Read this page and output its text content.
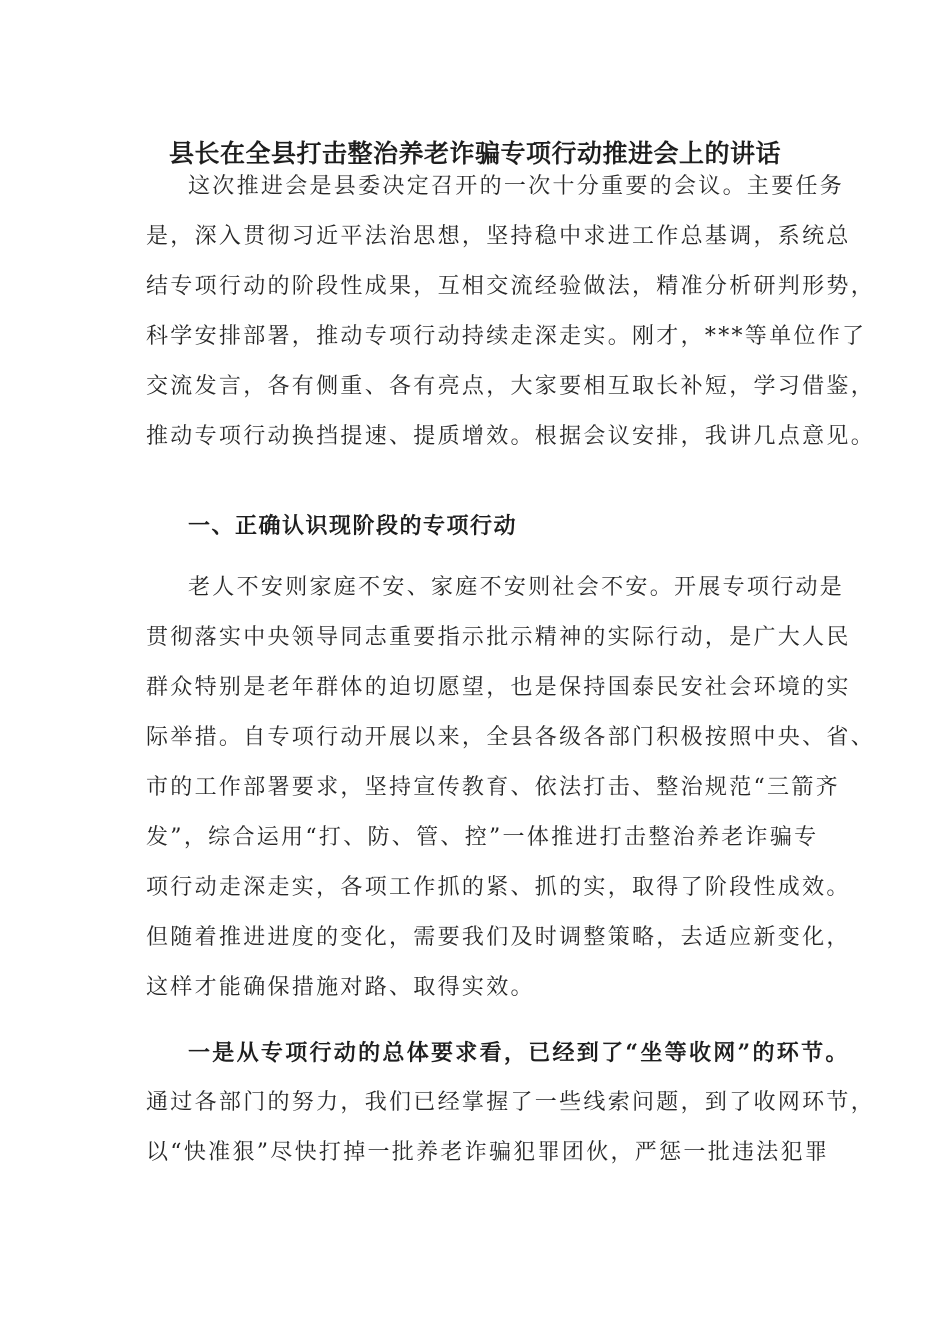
县长在全县打击整治养老诈骗专项行动推进会上的讲话
这次推进会是县委决定召开的一次十分重要的会议。主要任务
是，深入贯彻习近平法治思想，坚持稳中求进工作总基调，系统总
结专项行动的阶段性成果，互相交流经验做法，精准分析研判形势，
科学安排部署，推动专项行动持续走深走实。刚才，***等单位作了
交流发言，各有侧重、各有亮点，大家要相互取长补短，学习借鉴，
推动专项行动换挡提速、提质增效。根据会议安排，我讲几点意见。
一、正确认识现阶段的专项行动
老人不安则家庭不安、家庭不安则社会不安。开展专项行动是
贯彻落实中央领导同志重要指示批示精神的实际行动，是广大人民
群众特别是老年群体的迫切愿望，也是保持国泰民安社会环境的实
际举措。自专项行动开展以来，全县各级各部门积极按照中央、省、
市的工作部署要求，坚持宣传教育、依法打击、整治规范“三箭齐
发”，综合运用“打、防、管、控”一体推进打击整治养老诈骗专
项行动走深走实，各项工作抓的紧、抓的实，取得了阶段性成效。
但随着推进进度的变化，需要我们及时调整策略，去适应新变化，
这样才能确保措施对路、取得实效。
一是从专项行动的总体要求看，已经到了“坐等收网”的环节。
通过各部门的努力，我们已经掌握了一些线索问题，到了收网环节，
以“快准狠”尽快打掉一批养老诈骗犯罪团伙，严惩一批违法犯罪
